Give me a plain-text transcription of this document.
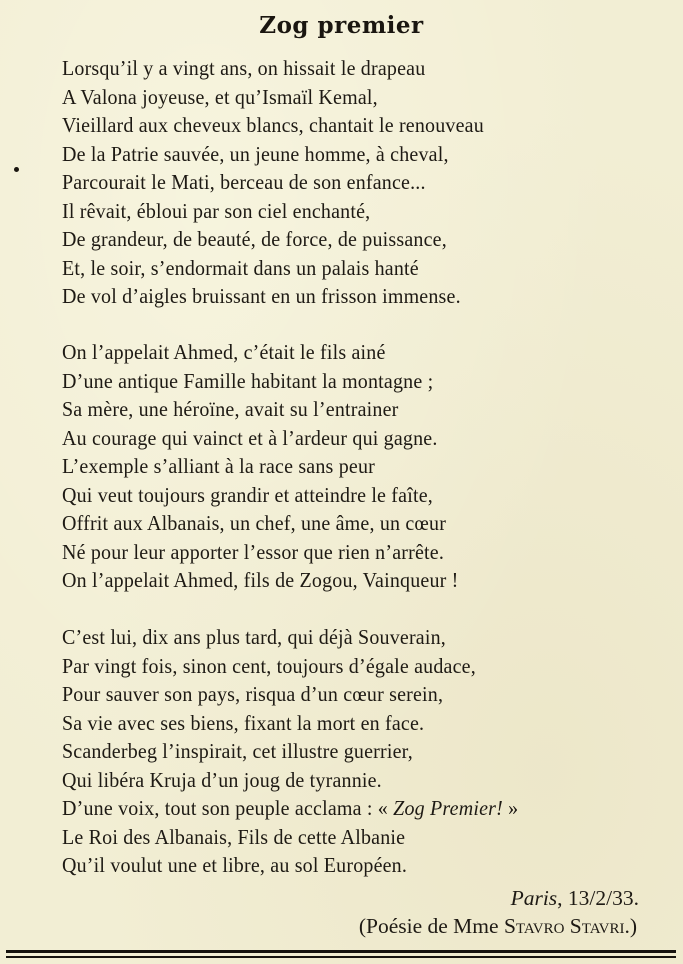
Zog premier
Lorsqu’il y a vingt ans, on hissait le drapeau
A Valona joyeuse, et qu’Ismaïl Kemal,
Vieillard aux cheveux blancs, chantait le renouveau
De la Patrie sauvée, un jeune homme, à cheval,
Parcourait le Mati, berceau de son enfance...
Il rêvait, ébloui par son ciel enchanté,
De grandeur, de beauté, de force, de puissance,
Et, le soir, s’endormait dans un palais hanté
De vol d’aigles bruissant en un frisson immense.
On l’appelait Ahmed, c’était le fils ainé
D’une antique Famille habitant la montagne ;
Sa mère, une héroïne, avait su l’entrainer
Au courage qui vainct et à l’ardeur qui gagne.
L’exemple s’alliant à la race sans peur
Qui veut toujours grandir et atteindre le faîte,
Offrit aux Albanais, un chef, une âme, un cœur
Né pour leur apporter l’essor que rien n’arrête.
On l’appelait Ahmed, fils de Zogou, Vainqueur !
C’est lui, dix ans plus tard, qui déjà Souverain,
Par vingt fois, sinon cent, toujours d’égale audace,
Pour sauver son pays, risqua d’un cœur serein,
Sa vie avec ses biens, fixant la mort en face.
Scanderbeg l’inspirait, cet illustre guerrier,
Qui libéra Kruja d’un joug de tyrannie.
D’une voix, tout son peuple acclama : « Zog Premier! »
Le Roi des Albanais, Fils de cette Albanie
Qu’il voulut une et libre, au sol Européen.
Paris, 13/2/33.
(Poésie de Mme Stavro Stavri.)
